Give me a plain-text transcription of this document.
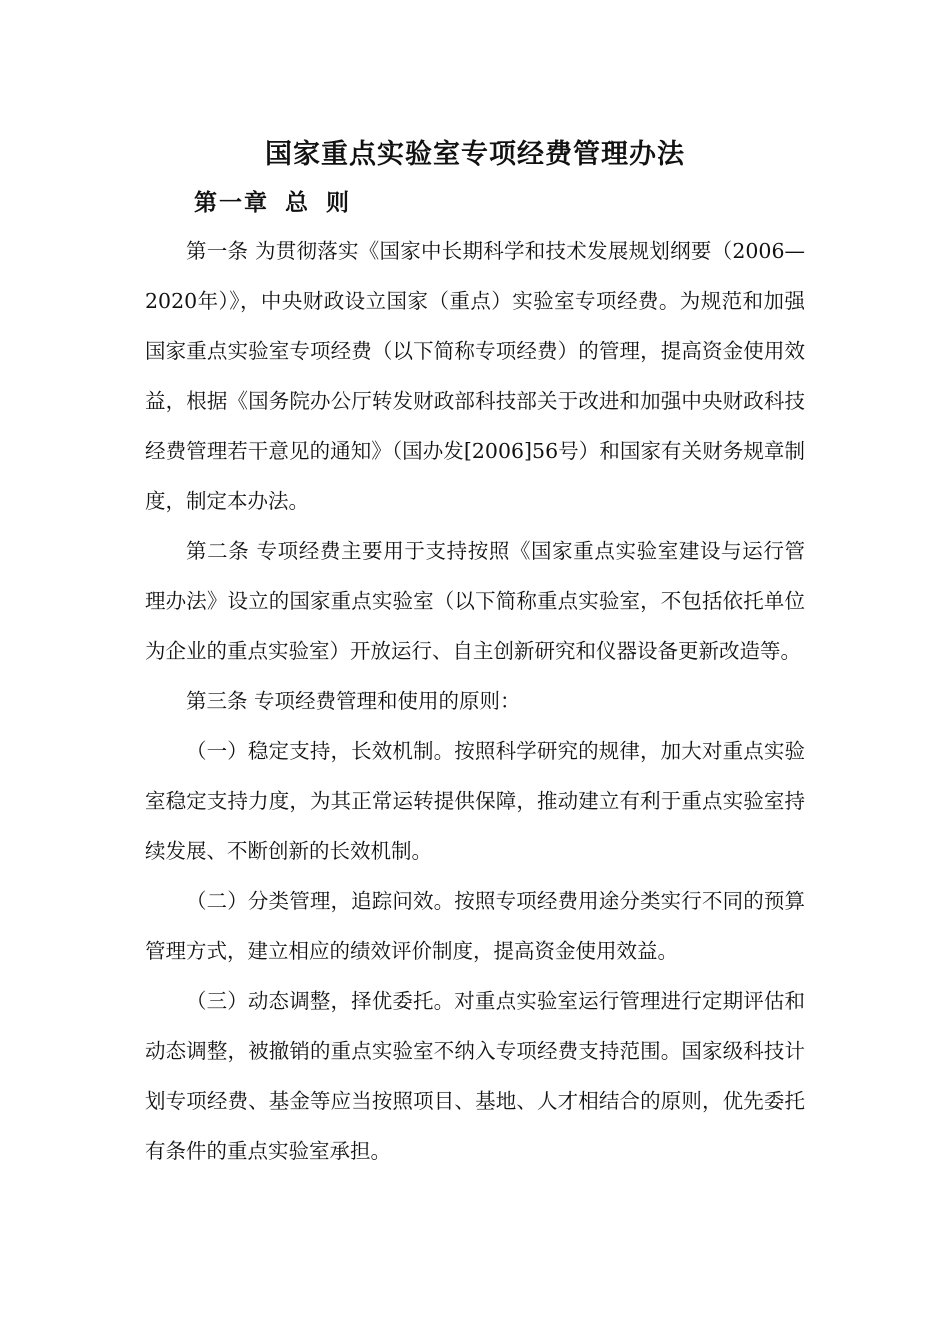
国家重点实验室专项经费管理办法
第一章 总 则

第一条 为贯彻落实《国家中长期科学和技术发展规划纲要（2006—2020年）》，中央财政设立国家（重点）实验室专项经费。为规范和加强国家重点实验室专项经费（以下简称专项经费）的管理，提高资金使用效益，根据《国务院办公厅转发财政部科技部关于改进和加强中央财政科技经费管理若干意见的通知》（国办发[2006]56号）和国家有关财务规章制度，制定本办法。

第二条 专项经费主要用于支持按照《国家重点实验室建设与运行管理办法》设立的国家重点实验室（以下简称重点实验室，不包括依托单位为企业的重点实验室）开放运行、自主创新研究和仪器设备更新改造等。

第三条 专项经费管理和使用的原则：

（一）稳定支持，长效机制。按照科学研究的规律，加大对重点实验室稳定支持力度，为其正常运转提供保障，推动建立有利于重点实验室持续发展、不断创新的长效机制。

（二）分类管理，追踪问效。按照专项经费用途分类实行不同的预算管理方式，建立相应的绩效评价制度，提高资金使用效益。

（三）动态调整，择优委托。对重点实验室运行管理进行定期评估和动态调整，被撤销的重点实验室不纳入专项经费支持范围。国家级科技计划专项经费、基金等应当按照项目、基地、人才相结合的原则，优先委托有条件的重点实验室承担。
